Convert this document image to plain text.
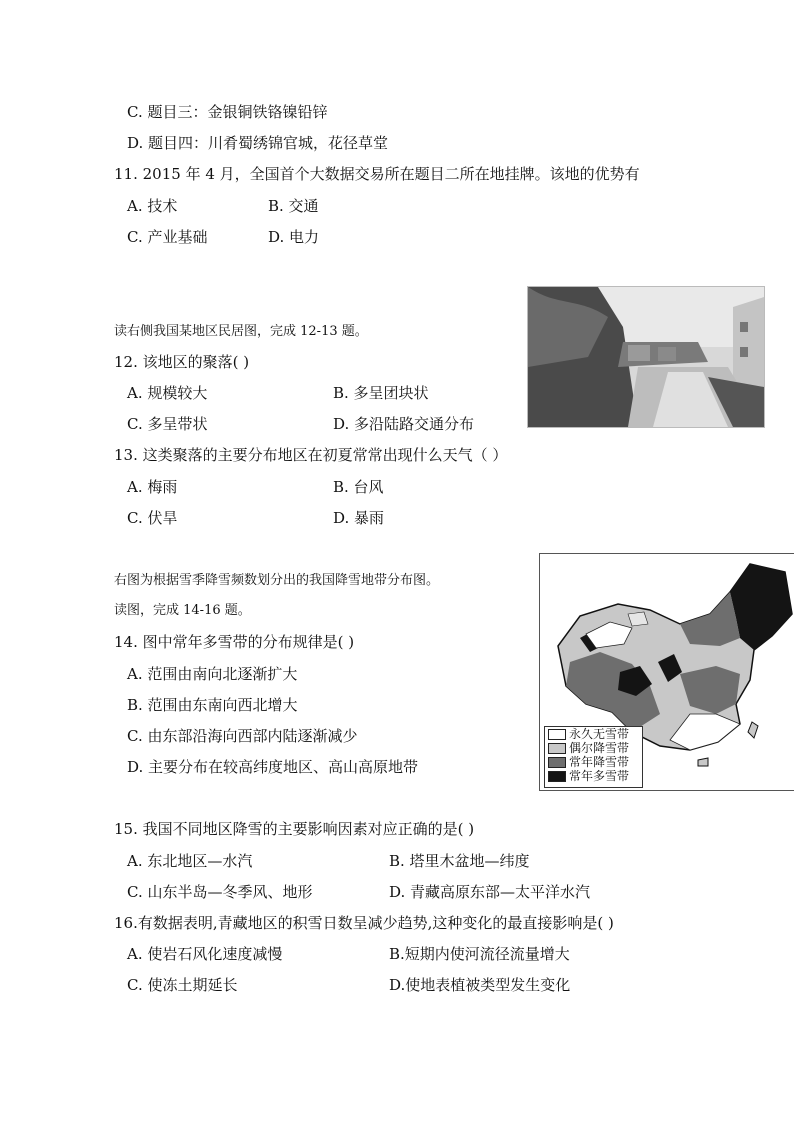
C. 题目三：金银铜铁铬镍铅锌
D. 题目四：川肴蜀绣锦官城，花径草堂
11. 2015 年 4 月，全国首个大数据交易所在题目二所在地挂牌。该地的优势有
A. 技术	B. 交通
C. 产业基础	D. 电力
读右侧我国某地区民居图，完成 12-13 题。
12. 该地区的聚落( )
A. 规模较大	B. 多呈团块状
C. 多呈带状	D. 多沿陆路交通分布
13. 这类聚落的主要分布地区在初夏常常出现什么天气（ ）
A. 梅雨	B. 台风
C. 伏旱	D. 暴雨
永久无雪带
偶尔降雪带
常年降雪带
常年多雪带
右图为根据雪季降雪频数划分出的我国降雪地带分布图。
读图，完成 14-16 题。
14. 图中常年多雪带的分布规律是( )
A. 范围由南向北逐渐扩大
B. 范围由东南向西北增大
C. 由东部沿海向西部内陆逐渐减少
D. 主要分布在较高纬度地区、高山高原地带
15. 我国不同地区降雪的主要影响因素对应正确的是( )
A. 东北地区—水汽	B. 塔里木盆地—纬度
C. 山东半岛—冬季风、地形	D. 青藏高原东部—太平洋水汽
16.有数据表明,青藏地区的积雪日数呈减少趋势,这种变化的最直接影响是( )
A. 使岩石风化速度减慢	B.短期内使河流径流量增大
C. 使冻土期延长	D.使地表植被类型发生变化
